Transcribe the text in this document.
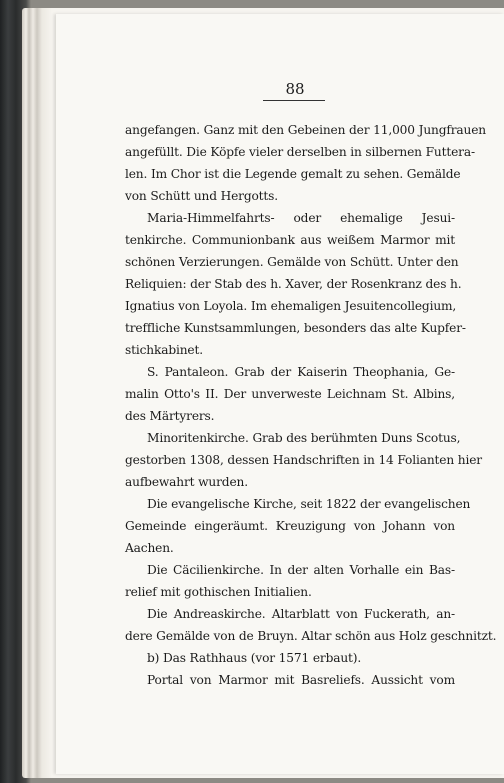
88
angefangen. Ganz mit den Gebeinen der 11,000 Jungfrauen
angefüllt. Die Köpfe vieler derselben in silbernen Futtera-
len. Im Chor ist die Legende gemalt zu sehen. Gemälde
von Schütt und Hergotts.
Maria-Himmelfahrts- oder ehemalige Jesui-
tenkirche. Communionbank aus weißem Marmor mit
schönen Verzierungen. Gemälde von Schütt. Unter den
Reliquien: der Stab des h. Xaver, der Rosenkranz des h.
Ignatius von Loyola. Im ehemaligen Jesuitencollegium,
treffliche Kunstsammlungen, besonders das alte Kupfer-
stichkabinet.
S. Pantaleon. Grab der Kaiserin Theophania, Ge-
malin Otto's II. Der unverweste Leichnam St. Albins,
des Märtyrers.
Minoritenkirche. Grab des berühmten Duns Scotus,
gestorben 1308, dessen Handschriften in 14 Folianten hier
aufbewahrt wurden.
Die evangelische Kirche, seit 1822 der evangelischen
Gemeinde eingeräumt. Kreuzigung von Johann von
Aachen.
Die Cäcilienkirche. In der alten Vorhalle ein Bas-
relief mit gothischen Initialien.
Die Andreaskirche. Altarblatt von Fuckerath, an-
dere Gemälde von de Bruyn. Altar schön aus Holz geschnitzt.
b) Das Rathhaus (vor 1571 erbaut).
Portal von Marmor mit Basreliefs. Aussicht vom
